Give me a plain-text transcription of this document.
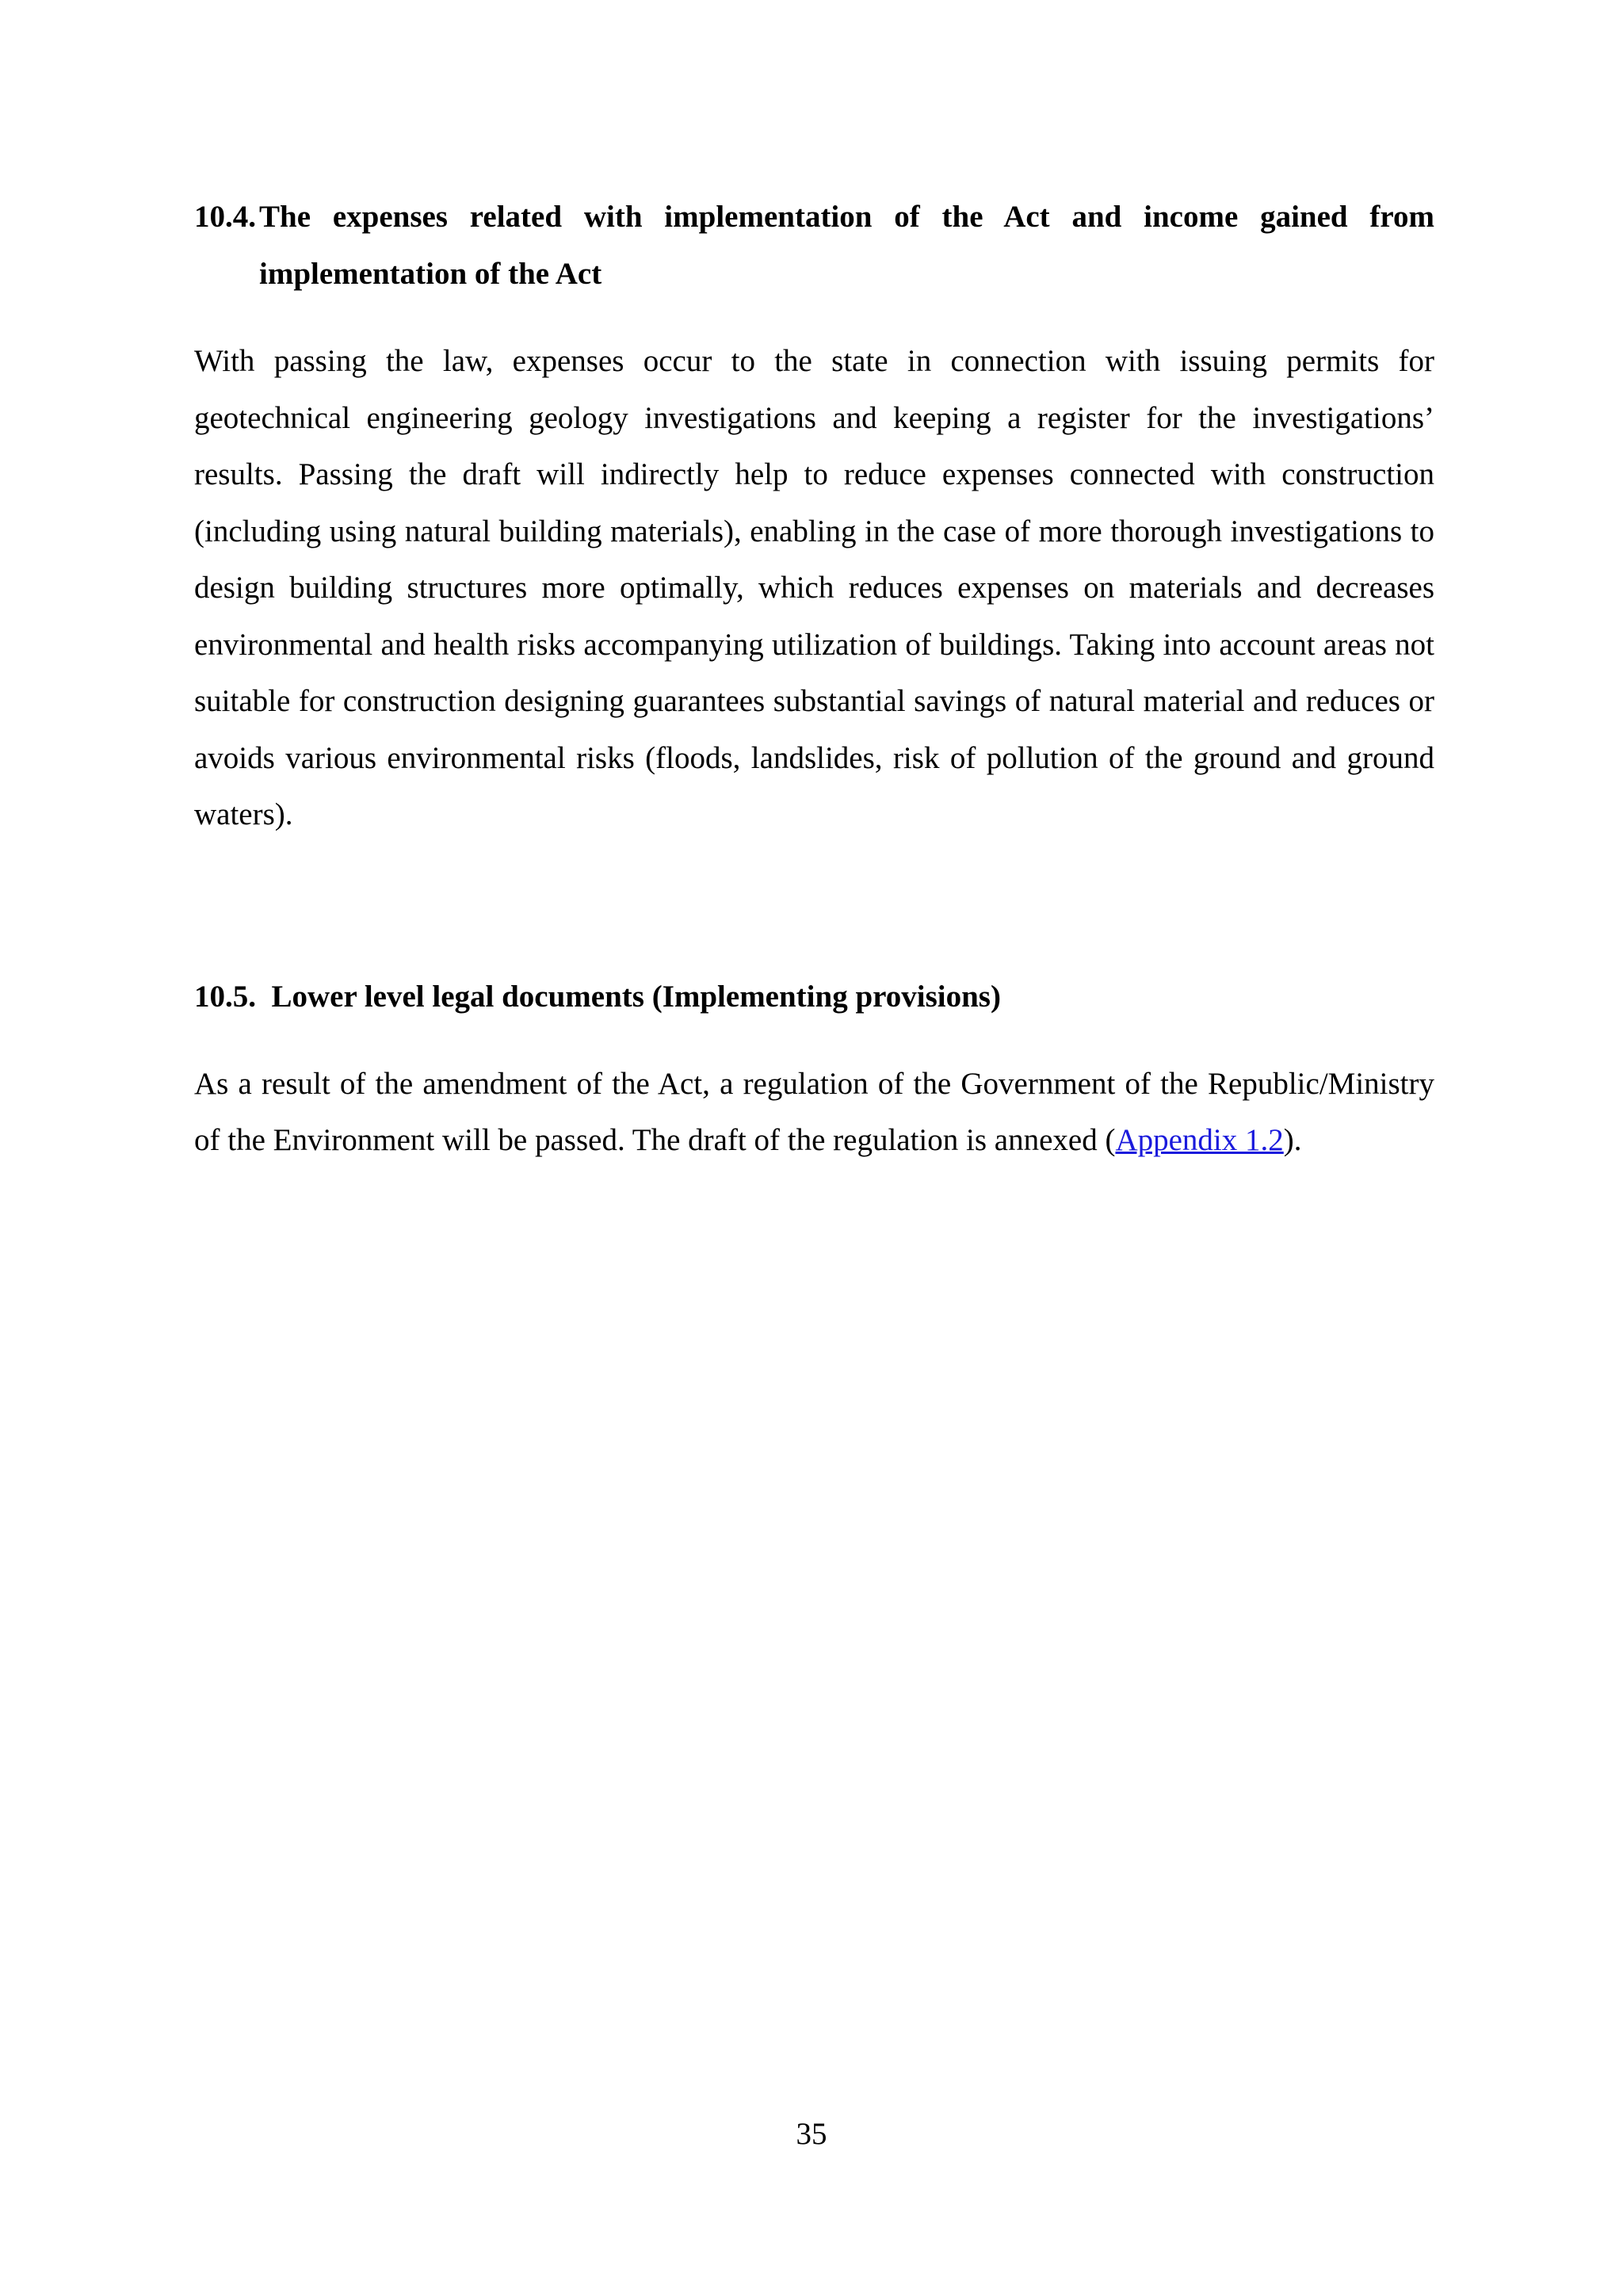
10.4. The expenses related with implementation of the Act and income gained from implementation of the Act

With passing the law, expenses occur to the state in connection with issuing permits for geotechnical engineering geology investigations and keeping a register for the investigations’ results. Passing the draft will indirectly help to reduce expenses connected with construction (including using natural building materials), enabling in the case of more thorough investigations to design building structures more optimally, which reduces expenses on materials and decreases environmental and health risks accompanying utilization of buildings. Taking into account areas not suitable for construction designing guarantees substantial savings of natural material and reduces or avoids various environmental risks (floods, landslides, risk of pollution of the ground and ground waters).

10.5. Lower level legal documents (Implementing provisions)

As a result of the amendment of the Act, a regulation of the Government of the Republic/Ministry of the Environment will be passed. The draft of the regulation is annexed (Appendix 1.2).

35
